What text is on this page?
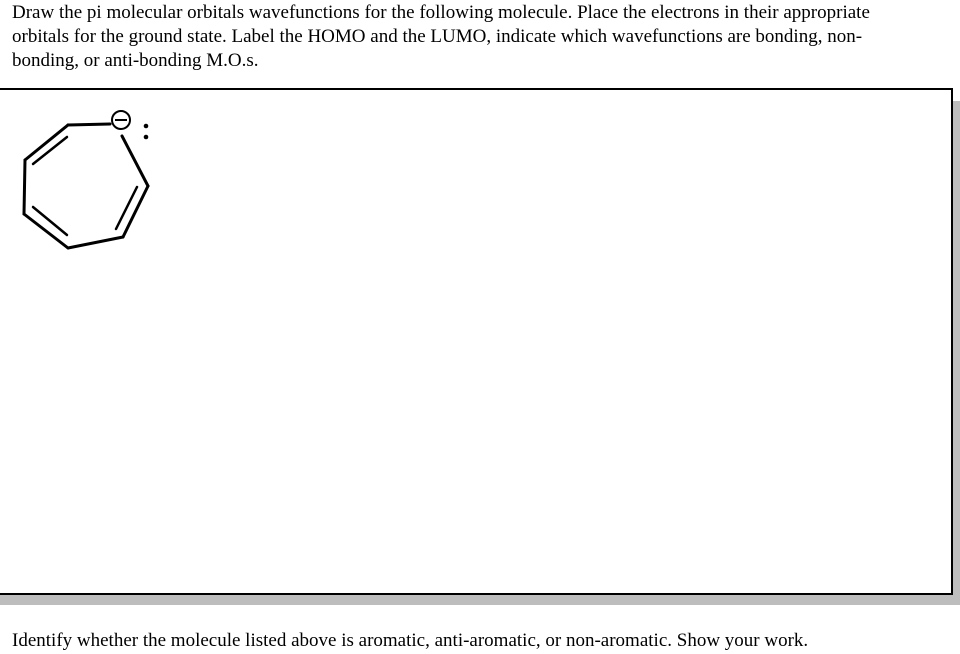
Draw the pi molecular orbitals wavefunctions for the following molecule. Place the electrons in their appropriate orbitals for the ground state. Label the HOMO and the LUMO, indicate which wavefunctions are bonding, non-bonding, or anti-bonding M.O.s.

Identify whether the molecule listed above is aromatic, anti-aromatic, or non-aromatic. Show your work.
